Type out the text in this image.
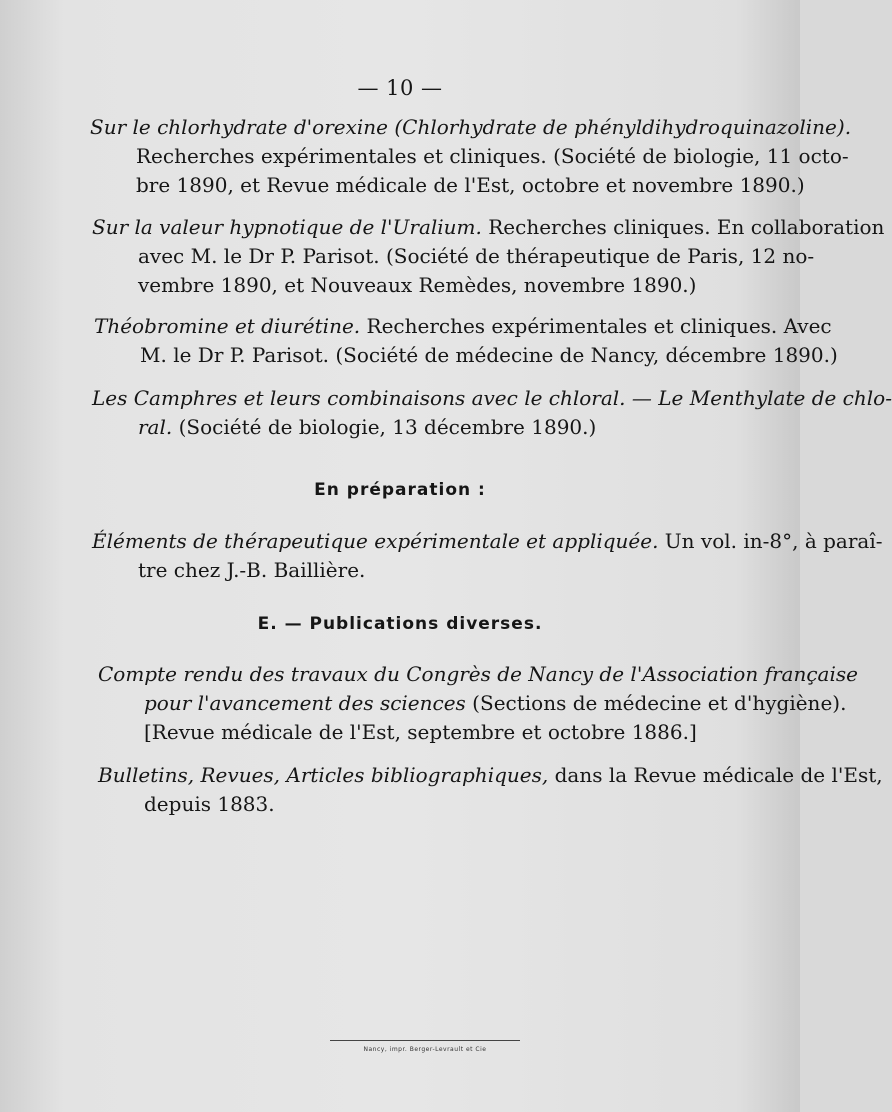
— 10 —
Sur le chlorhydrate d'orexine (Chlorhydrate de phényldihydroquinazoline).
Recherches expérimentales et cliniques. (Société de biologie, 11 octo-
bre 1890, et Revue médicale de l'Est, octobre et novembre 1890.)
Sur la valeur hypnotique de l'Uralium. Recherches cliniques. En collaboration
avec M. le Dr P. Parisot. (Société de thérapeutique de Paris, 12 no-
vembre 1890, et Nouveaux Remèdes, novembre 1890.)
Théobromine et diurétine. Recherches expérimentales et cliniques. Avec
M. le Dr P. Parisot. (Société de médecine de Nancy, décembre 1890.)
Les Camphres et leurs combinaisons avec le chloral. — Le Menthylate de chlo-
ral. (Société de biologie, 13 décembre 1890.)
En préparation :
Éléments de thérapeutique expérimentale et appliquée. Un vol. in-8°, à paraî-
tre chez J.-B. Baillière.
E. — Publications diverses.
Compte rendu des travaux du Congrès de Nancy de l'Association française
pour l'avancement des sciences (Sections de médecine et d'hygiène).
[Revue médicale de l'Est, septembre et octobre 1886.]
Bulletins, Revues, Articles bibliographiques, dans la Revue médicale de l'Est,
depuis 1883.
Nancy, impr. Berger-Levrault et Cie
